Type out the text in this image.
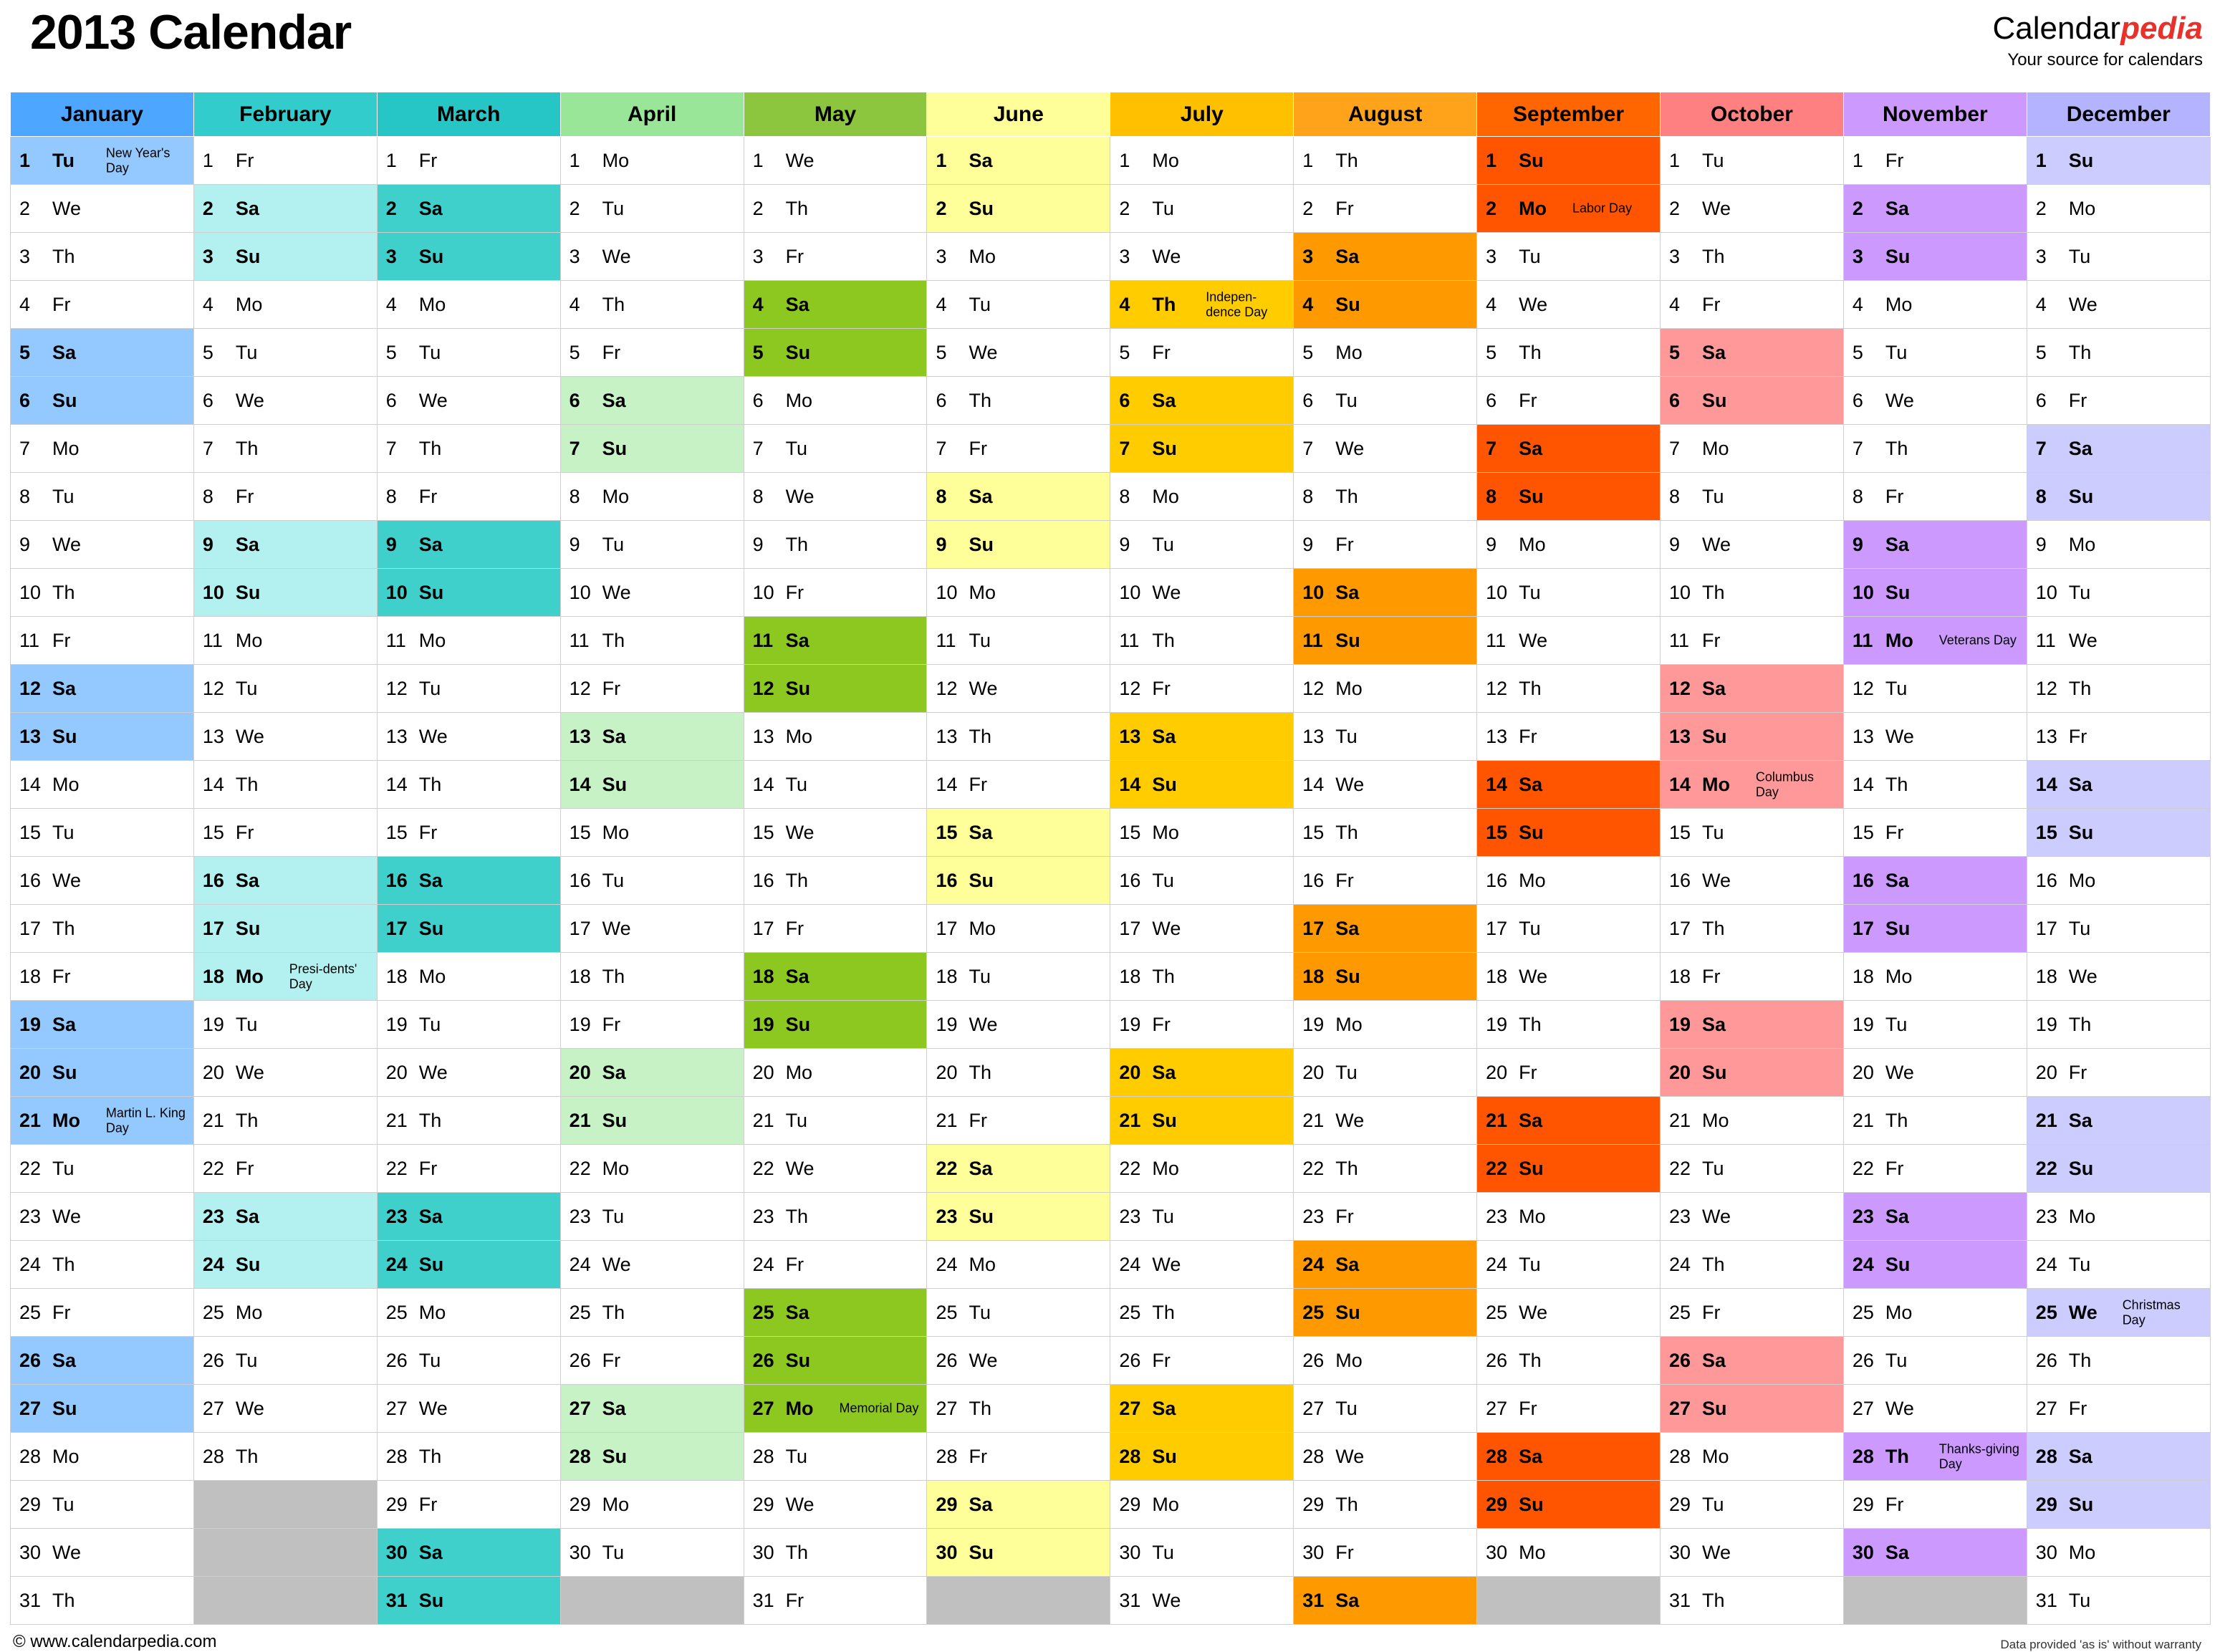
2013 Calendar	Calendarpedia
Your source for calendars
January	February	March	April	May	June	July	August	September	October	November	December

1 Tu New Year's Day	1 Fr	1 Fr	1 Mo	1 We	1 Sa	1 Mo	1 Th	1 Su	1 Tu	1 Fr	1 Su

2 We	2 Sa	2 Sa	2 Tu	2 Th	2 Su	2 Tu	2 Fr	2 Mo Labor Day	2 We	2 Sa	2 Mo

3 Th	3 Su	3 Su	3 We	3 Fr	3 Mo	3 We	3 Sa	3 Tu	3 Th	3 Su	3 Tu

4 Fr	4 Mo	4 Mo	4 Th	4 Sa	4 Tu	4 Th Indepen-dence Day	4 Su	4 We	4 Fr	4 Mo	4 We

5 Sa	5 Tu	5 Tu	5 Fr	5 Su	5 We	5 Fr	5 Mo	5 Th	5 Sa	5 Tu	5 Th

6 Su	6 We	6 We	6 Sa	6 Mo	6 Th	6 Sa	6 Tu	6 Fr	6 Su	6 We	6 Fr

7 Mo	7 Th	7 Th	7 Su	7 Tu	7 Fr	7 Su	7 We	7 Sa	7 Mo	7 Th	7 Sa

8 Tu	8 Fr	8 Fr	8 Mo	8 We	8 Sa	8 Mo	8 Th	8 Su	8 Tu	8 Fr	8 Su

9 We	9 Sa	9 Sa	9 Tu	9 Th	9 Su	9 Tu	9 Fr	9 Mo	9 We	9 Sa	9 Mo

10 Th	10 Su	10 Su	10 We	10 Fr	10 Mo	10 We	10 Sa	10 Tu	10 Th	10 Su	10 Tu

11 Fr	11 Mo	11 Mo	11 Th	11 Sa	11 Tu	11 Th	11 Su	11 We	11 Fr	11 Mo Veterans Day	11 We

12 Sa	12 Tu	12 Tu	12 Fr	12 Su	12 We	12 Fr	12 Mo	12 Th	12 Sa	12 Tu	12 Th

13 Su	13 We	13 We	13 Sa	13 Mo	13 Th	13 Sa	13 Tu	13 Fr	13 Su	13 We	13 Fr

14 Mo	14 Th	14 Th	14 Su	14 Tu	14 Fr	14 Su	14 We	14 Sa	14 Mo Columbus Day	14 Th	14 Sa

15 Tu	15 Fr	15 Fr	15 Mo	15 We	15 Sa	15 Mo	15 Th	15 Su	15 Tu	15 Fr	15 Su

16 We	16 Sa	16 Sa	16 Tu	16 Th	16 Su	16 Tu	16 Fr	16 Mo	16 We	16 Sa	16 Mo

17 Th	17 Su	17 Su	17 We	17 Fr	17 Mo	17 We	17 Sa	17 Tu	17 Th	17 Su	17 Tu

18 Fr	18 Mo Presi-dents' Day	18 Mo	18 Th	18 Sa	18 Tu	18 Th	18 Su	18 We	18 Fr	18 Mo	18 We

19 Sa	19 Tu	19 Tu	19 Fr	19 Su	19 We	19 Fr	19 Mo	19 Th	19 Sa	19 Tu	19 Th

20 Su	20 We	20 We	20 Sa	20 Mo	20 Th	20 Sa	20 Tu	20 Fr	20 Su	20 We	20 Fr

21 Mo Martin L. King Day	21 Th	21 Th	21 Su	21 Tu	21 Fr	21 Su	21 We	21 Sa	21 Mo	21 Th	21 Sa

22 Tu	22 Fr	22 Fr	22 Mo	22 We	22 Sa	22 Mo	22 Th	22 Su	22 Tu	22 Fr	22 Su

23 We	23 Sa	23 Sa	23 Tu	23 Th	23 Su	23 Tu	23 Fr	23 Mo	23 We	23 Sa	23 Mo

24 Th	24 Su	24 Su	24 We	24 Fr	24 Mo	24 We	24 Sa	24 Tu	24 Th	24 Su	24 Tu

25 Fr	25 Mo	25 Mo	25 Th	25 Sa	25 Tu	25 Th	25 Su	25 We	25 Fr	25 Mo	25 We Christmas Day

26 Sa	26 Tu	26 Tu	26 Fr	26 Su	26 We	26 Fr	26 Mo	26 Th	26 Sa	26 Tu	26 Th

27 Su	27 We	27 We	27 Sa	27 Mo Memorial Day	27 Th	27 Sa	27 Tu	27 Fr	27 Su	27 We	27 Fr

28 Mo	28 Th	28 Th	28 Su	28 Tu	28 Fr	28 Su	28 We	28 Sa	28 Mo	28 Th Thanks-giving Day	28 Sa

29 Tu		29 Fr	29 Mo	29 We	29 Sa	29 Mo	29 Th	29 Su	29 Tu	29 Fr	29 Su

30 We		30 Sa	30 Tu	30 Th	30 Su	30 Tu	30 Fr	30 Mo	30 We	30 Sa	30 Mo

31 Th		31 Su		31 Fr		31 We	31 Sa		31 Th		31 Tu
© www.calendarpedia.com	Data provided 'as is' without warranty
